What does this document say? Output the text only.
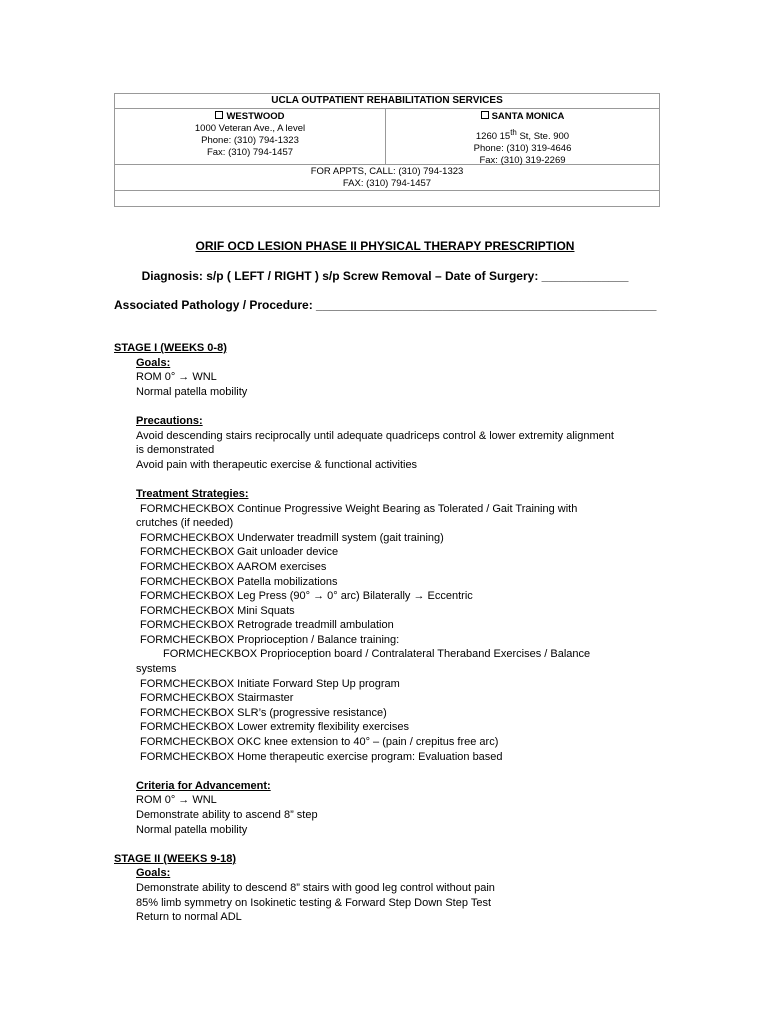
UCLA OUTPATIENT REHABILITATION SERVICES
WESTWOOD
1000 Veteran Ave., A level
Phone: (310) 794-1323
Fax: (310) 794-1457
SANTA MONICA
1260 15th St, Ste. 900
Phone: (310) 319-4646
Fax: (310) 319-2269
FOR APPTS, CALL: (310) 794-1323
FAX: (310) 794-1457
ORIF OCD LESION PHASE II PHYSICAL THERAPY PRESCRIPTION
Diagnosis: s/p ( LEFT / RIGHT ) s/p Screw Removal – Date of Surgery: _____________
Associated Pathology / Procedure: ___________________________________________________
STAGE I (WEEKS 0-8)
Goals:
ROM 0° → WNL
Normal patella mobility
Precautions:
Avoid descending stairs reciprocally until adequate quadriceps control & lower extremity alignment
is demonstrated
Avoid pain with therapeutic exercise & functional activities
Treatment Strategies:
FORMCHECKBOX Continue Progressive Weight Bearing as Tolerated / Gait Training with
crutches (if needed)
FORMCHECKBOX Underwater treadmill system (gait training)
FORMCHECKBOX Gait unloader device
FORMCHECKBOX AAROM exercises
FORMCHECKBOX Patella mobilizations
FORMCHECKBOX Leg Press (90° → 0° arc) Bilaterally → Eccentric
FORMCHECKBOX Mini Squats
FORMCHECKBOX Retrograde treadmill ambulation
FORMCHECKBOX Proprioception / Balance training:
FORMCHECKBOX Proprioception board / Contralateral Theraband Exercises / Balance
systems
FORMCHECKBOX Initiate Forward Step Up program
FORMCHECKBOX Stairmaster
FORMCHECKBOX SLR’s (progressive resistance)
FORMCHECKBOX Lower extremity flexibility exercises
FORMCHECKBOX OKC knee extension to 40° – (pain / crepitus free arc)
FORMCHECKBOX Home therapeutic exercise program: Evaluation based
Criteria for Advancement:
ROM 0° → WNL
Demonstrate ability to ascend 8” step
Normal patella mobility
STAGE II (WEEKS 9-18)
Goals:
Demonstrate ability to descend 8” stairs with good leg control without pain
85% limb symmetry on Isokinetic testing & Forward Step Down Step Test
Return to normal ADL
